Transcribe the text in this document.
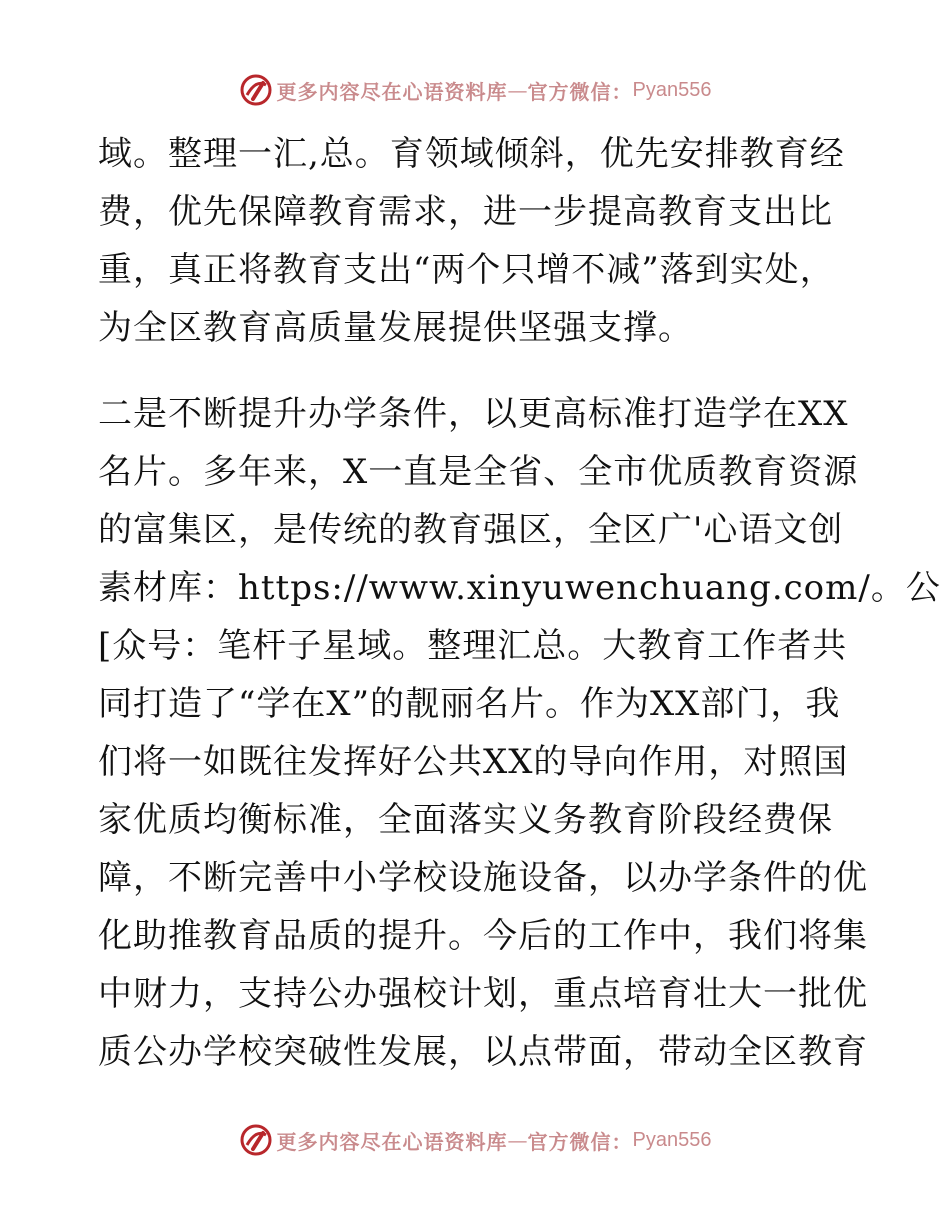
更多内容尽在心语资料库 — 官方微信： Pyan556
域。整理一汇,总。育领域倾斜，优先安排教育经
费，优先保障教育需求，进一步提高教育支出比
重，真正将教育支出“两个只增不减”落到实处，
为全区教育高质量发展提供坚强支撑。
二是不断提升办学条件，以更高标准打造学在XX
名片。多年来，X一直是全省、全市优质教育资源
的富集区，是传统的教育强区，全区广'心语文创
素材库：https://www.xinyuwenchuang.com/。公
[众号：笔杆子星域。整理汇总。大教育工作者共
同打造了“学在X”的靓丽名片。作为XX部门，我
们将一如既往发挥好公共XX的导向作用，对照国
家优质均衡标准，全面落实义务教育阶段经费保
障，不断完善中小学校设施设备，以办学条件的优
化助推教育品质的提升。今后的工作中，我们将集
中财力，支持公办强校计划，重点培育壮大一批优
质公办学校突破性发展，以点带面，带动全区教育
更多内容尽在心语资料库 — 官方微信： Pyan556
